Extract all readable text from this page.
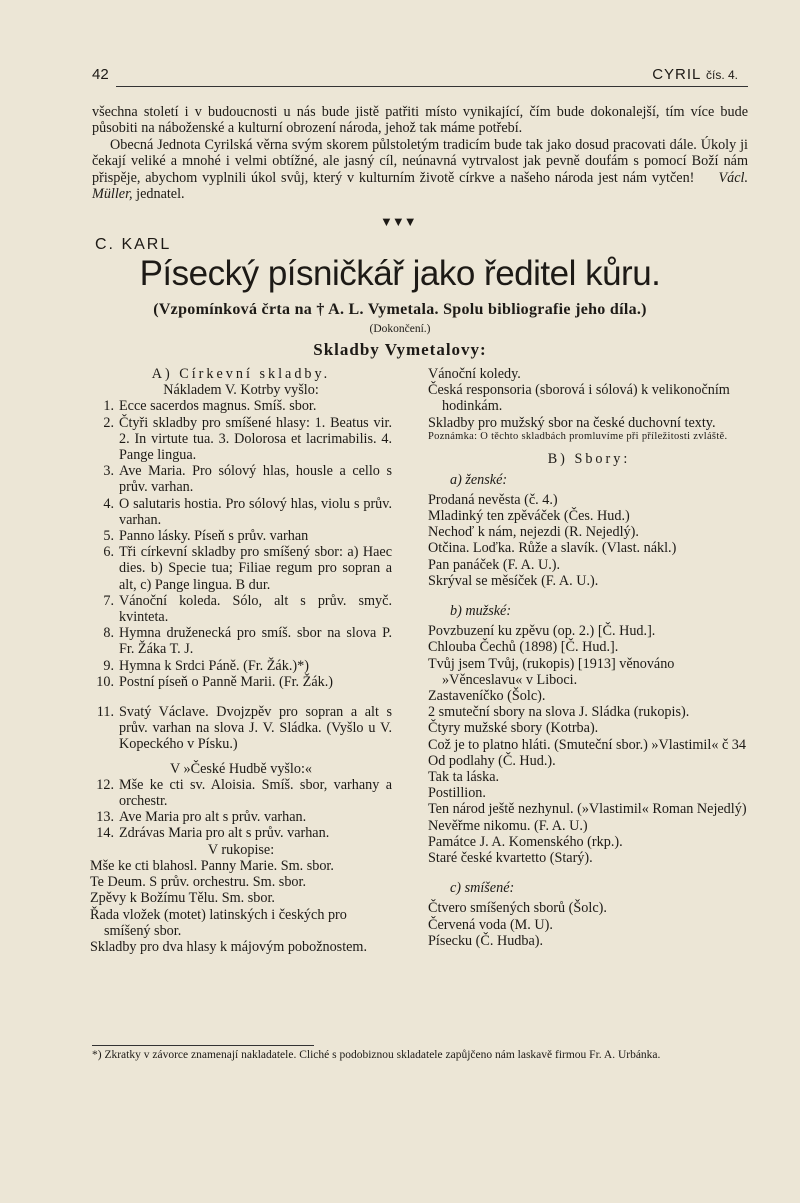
42	CYRIL čís. 4.

všechna století i v budoucnosti u nás bude jistě patřiti místo vynikající, čím bude dokonalejší, tím více bude působiti na náboženské a kulturní obrození národa, jehož tak máme potřebí.

Obecná Jednota Cyrilská věrna svým skorem půlstoletým tradicím bude tak jako dosud pracovati dále. Úkoly ji čekají veliké a mnohé i velmi obtížné, ale jasný cíl, neúnavná vytrvalost jak pevně doufám s pomocí Boží nám přispěje, abychom vyplnili úkol svůj, který v kulturním životě církve a našeho národa jest nám vytčen! Václ. Müller, jednatel.

▼▼▼
C. KARL
Písecký písničkář jako ředitel kůru.
(Vzpomínková črta na † A. L. Vymetala. Spolu bibliografie jeho díla.)
(Dokončení.)
Skladby Vymetalovy:
A) Církevní skladby.
Nákladem V. Kotrby vyšlo:
1. Ecce sacerdos magnus. Smíš. sbor.
2. Čtyři skladby pro smíšené hlasy: 1. Beatus vir. 2. In virtute tua. 3. Dolorosa et lacrimabilis. 4. Pange lingua.
3. Ave Maria. Pro sólový hlas, housle a cello s prův. varhan.
4. O salutaris hostia. Pro sólový hlas, violu s prův. varhan.
5. Panno lásky. Píseň s prův. varhan
6. Tři církevní skladby pro smíšený sbor: a) Haec dies. b) Specie tua; Filiae regum pro sopran a alt, c) Pange lingua. B dur.
7. Vánoční koleda. Sólo, alt s prův. smyč. kvinteta.
8. Hymna druženecká pro smíš. sbor na slova P. Fr. Žáka T. J.
9. Hymna k Srdci Páně. (Fr. Žák.)*)
10. Postní píseň o Panně Marii. (Fr. Žák.)
11. Svatý Václave. Dvojzpěv pro sopran a alt s prův. varhan na slova J. V. Sládka. (Vyšlo u V. Kopeckého v Písku.)
V »České Hudbě vyšlo:«
12. Mše ke cti sv. Aloisia. Smíš. sbor, varhany a orchestr.
13. Ave Maria pro alt s prův. varhan.
14. Zdrávas Maria pro alt s prův. varhan.
V rukopise:
Mše ke cti blahosl. Panny Marie. Sm. sbor.
Te Deum. S prův. orchestru. Sm. sbor.
Zpěvy k Božímu Tělu. Sm. sbor.
Řada vložek (motet) latinských i českých pro smíšený sbor.
Skladby pro dva hlasy k májovým pobožnostem.
Vánoční koledy.
Česká responsoria (sborová i sólová) k velikonočním hodinkám.
Skladby pro mužský sbor na české duchovní texty.
Poznámka: O těchto skladbách promluvíme při příležitosti zvláště.
B) Sbory:
a) ženské:
Prodaná nevěsta (č. 4.)
Mladinký ten zpěváček (Čes. Hud.)
Nechoď k nám, nejezdi (R. Nejedlý).
Otčina. Loďka. Růže a slavík. (Vlast. nákl.)
Pan panáček (F. A. U.).
Skrýval se měsíček (F. A. U.).
b) mužské:
Povzbuzení ku zpěvu (op. 2.) [Č. Hud.].
Chlouba Čechů (1898) [Č. Hud.].
Tvůj jsem Tvůj, (rukopis) [1913] věnováno »Věnceslavu« v Liboci.
Zastaveníčko (Šolc).
2 smuteční sbory na slova J. Sládka (rukopis).
Čtyry mužské sbory (Kotrba).
Což je to platno hláti. (Smuteční sbor.) »Vlastimil« č 34
Od podlahy (Č. Hud.).
Tak ta láska.
Postillion.
Ten národ ještě nezhynul. (»Vlastimil« Roman Nejedlý)
Nevěřme nikomu. (F. A. U.)
Památce J. A. Komenského (rkp.).
Staré české kvartetto (Starý).
c) smíšené:
Čtvero smíšených sborů (Šolc).
Červená voda (M. U).
Písecku (Č. Hudba).
*) Zkratky v závorce znamenají nakladatele. Cliché s podobiznou skladatele zapůjčeno nám laskavě firmou Fr. A. Urbánka.
